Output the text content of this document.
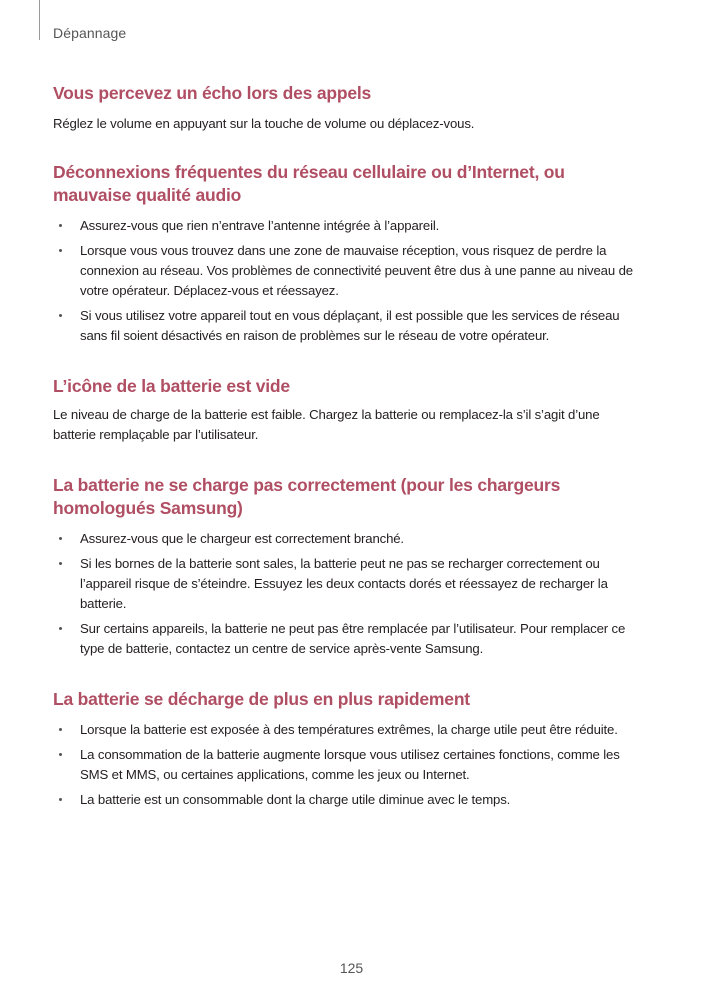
Dépannage
Vous percevez un écho lors des appels

Réglez le volume en appuyant sur la touche de volume ou déplacez-vous.

Déconnexions fréquentes du réseau cellulaire ou d’Internet, ou mauvaise qualité audio
Assurez-vous que rien n’entrave l’antenne intégrée à l’appareil.
Lorsque vous vous trouvez dans une zone de mauvaise réception, vous risquez de perdre la connexion au réseau. Vos problèmes de connectivité peuvent être dus à une panne au niveau de votre opérateur. Déplacez-vous et réessayez.
Si vous utilisez votre appareil tout en vous déplaçant, il est possible que les services de réseau sans fil soient désactivés en raison de problèmes sur le réseau de votre opérateur.
L’icône de la batterie est vide

Le niveau de charge de la batterie est faible. Chargez la batterie ou remplacez-la s’il s’agit d’une batterie remplaçable par l’utilisateur.

La batterie ne se charge pas correctement (pour les chargeurs homologués Samsung)
Assurez-vous que le chargeur est correctement branché.
Si les bornes de la batterie sont sales, la batterie peut ne pas se recharger correctement ou l’appareil risque de s’éteindre. Essuyez les deux contacts dorés et réessayez de recharger la batterie.
Sur certains appareils, la batterie ne peut pas être remplacée par l’utilisateur. Pour remplacer ce type de batterie, contactez un centre de service après-vente Samsung.
La batterie se décharge de plus en plus rapidement
Lorsque la batterie est exposée à des températures extrêmes, la charge utile peut être réduite.
La consommation de la batterie augmente lorsque vous utilisez certaines fonctions, comme les SMS et MMS, ou certaines applications, comme les jeux ou Internet.
La batterie est un consommable dont la charge utile diminue avec le temps.
125
